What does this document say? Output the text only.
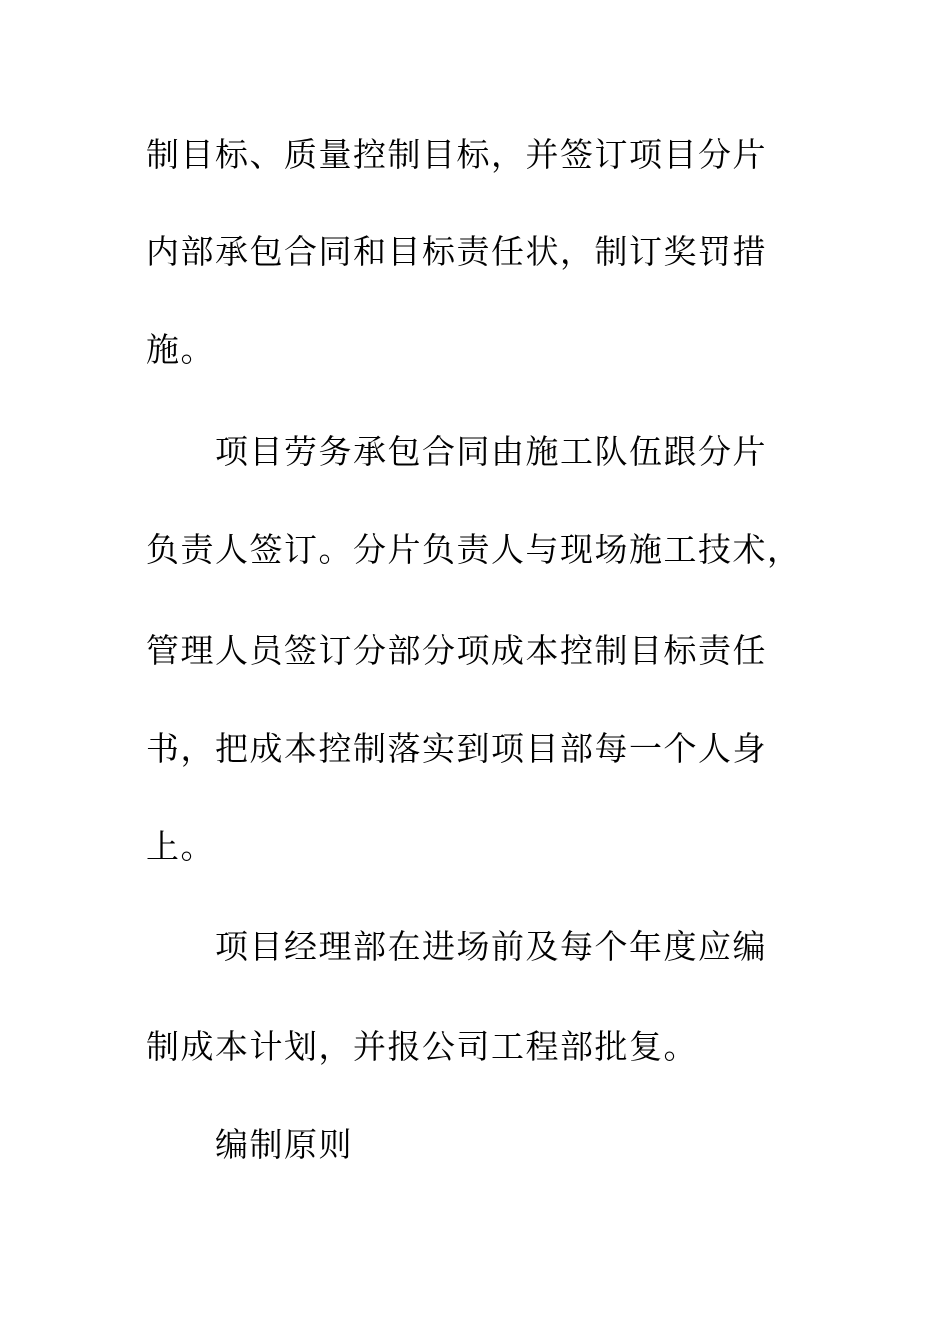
制目标、质量控制目标，并签订项目分片
内部承包合同和目标责任状，制订奖罚措
施。
项目劳务承包合同由施工队伍跟分片
负责人签订。分片负责人与现场施工技术，
管理人员签订分部分项成本控制目标责任
书，把成本控制落实到项目部每一个人身
上。
项目经理部在进场前及每个年度应编
制成本计划，并报公司工程部批复。
编制原则
